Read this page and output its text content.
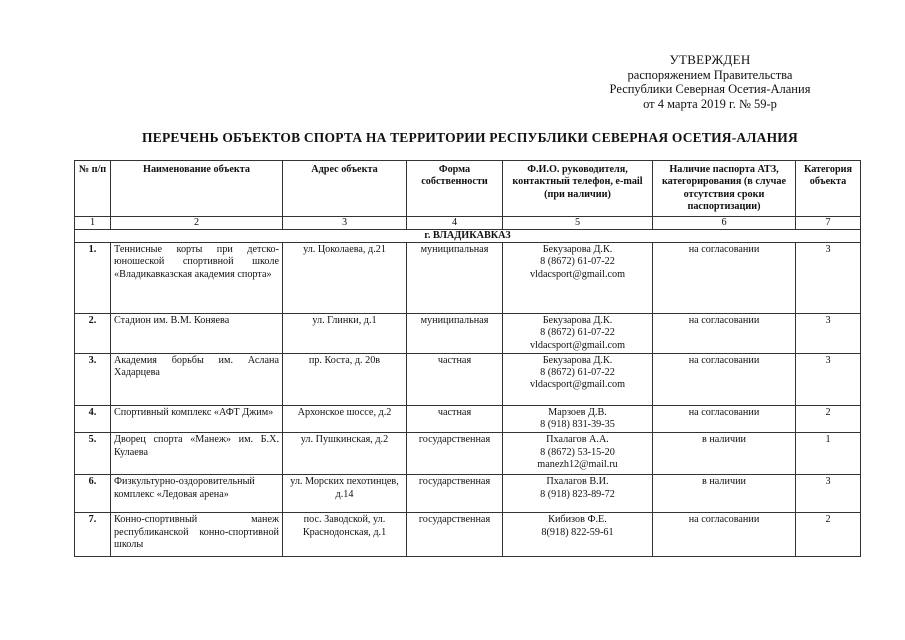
УТВЕРЖДЕН
распоряжением Правительства
Республики Северная Осетия-Алания
от 4 марта 2019 г. № 59-р
ПЕРЕЧЕНЬ ОБЪЕКТОВ СПОРТА НА ТЕРРИТОРИИ РЕСПУБЛИКИ СЕВЕРНАЯ ОСЕТИЯ-АЛАНИЯ
№ п/п	Наименование объекта	Адрес объекта	Форма собственности	Ф.И.О. руководителя, контактный телефон, e-mail (при наличии)	Наличие паспорта АТЗ, категорирования (в случае отсутствия сроки паспортизации)	Категория объекта
1	2	3	4	5	6	7
г. ВЛАДИКАВКАЗ						
1.	Теннисные корты при детско-юношеской спортивной школе «Владикавказская академия спорта»	ул. Цоколаева, д.21	муниципальная	Бекузарова Д.К.
8 (8672) 61-07-22
vldacsport@gmail.com	на согласовании	3
2.	Стадион им. В.М. Коняева	ул. Глинки, д.1	муниципальная	Бекузарова Д.К.
8 (8672) 61-07-22
vldacsport@gmail.com	на согласовании	3
3.	Академия борьбы им. Аслана Хадарцева	пр. Коста, д. 20в	частная	Бекузарова Д.К.
8 (8672) 61-07-22
vldacsport@gmail.com	на согласовании	3
4.	Спортивный комплекс «АФТ Джим»	Архонское шоссе, д.2	частная	Марзоев Д.В.
8 (918) 831-39-35	на согласовании	2
5.	Дворец спорта «Манеж» им. Б.Х. Кулаева	ул. Пушкинская, д.2	государственная	Пхалагов А.А.
8 (8672) 53-15-20
manezh12@mail.ru	в наличии	1
6.	Физкультурно-оздоровительный комплекс «Ледовая арена»	ул. Морских пехотинцев, д.14	государственная	Пхалагов В.И.
8 (918) 823-89-72	в наличии	3
7.	Конно-спортивный манеж республиканской конно-спортивной школы	пос. Заводской, ул. Краснодонская, д.1	государственная	Кибизов Ф.Е.
8(918) 822-59-61	на согласовании	2
